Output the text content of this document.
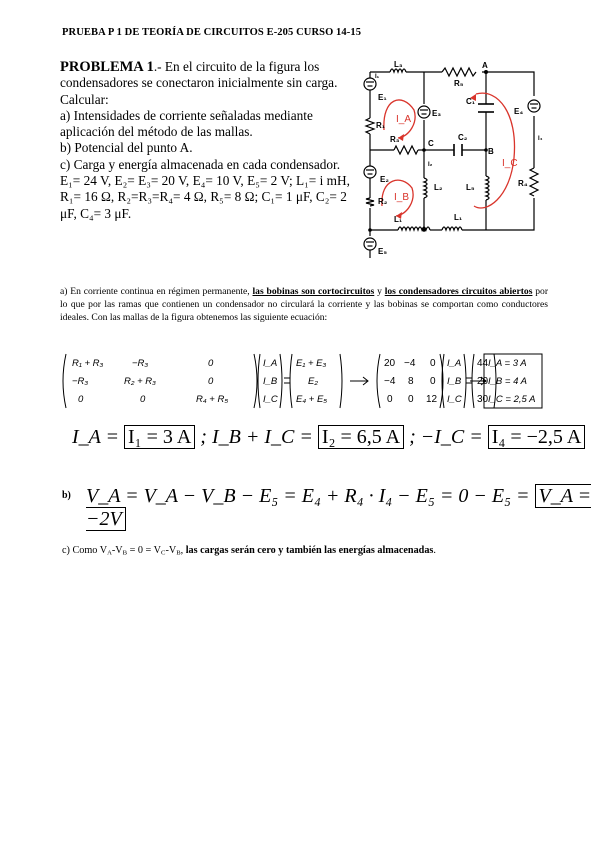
PRUEBA P 1 DE TEORÍA DE CIRCUITOS E-205 CURSO 14-15
PROBLEMA 1.- En el circuito de la figura los condensadores se conectaron inicialmente sin carga. Calcular:
a) Intensidades de corriente señaladas mediante aplicación del método de las mallas.
b) Potencial del punto A.
c) Carga y energía almacenada en cada condensador.
E₁= 24 V, E₂= E₃= 20 V, E₄= 10 V, E₅= 2 V; L₁= i mH,
R₁= 16 Ω, R₂=R₃=R₄= 4 Ω, R₅= 8 Ω; C₁= 1 μF, C₂= 2
μF, C₄= 3 μF.
I₁
L₃
R₅
A
E₁
R₁
E₃
C₁
E₄
R₃	C
C₂
B
I₄
E₂
I₂
L₂	L₅	R₄
R₂
L₁	L₁
E₅
I_A
I_B
I_C
a) En corriente continua en régimen permanente, las bobinas son cortocircuitos y los condensadores circuitos abiertos por lo que por las ramas que contienen un condensador no circulará la corriente y las bobinas se comportan como conductores ideales. Con las mallas de la figura obtenemos las siguiente ecuación:
R₁ + R₃	−R₃	0
−R₃	R₂ + R₃	0
0	0	R₄ + R₅
I_A
I_B
I_C
E₁ + E₃
E₂
E₄ + E₅
I_A
I_B
I_C
I_A = 3 A
I_B = 4 A
I_C = 2,5 A
20 −4 0
−4 8 0
0 0 12
44
20
30
I_A = I₁ = 3 A ; I_B + I_C = I₂ = 6,5 A ; −I_C = I₄ = −2,5 A
b) V_A = V_A − V_B − E₅ = E₄ + R₄ · I₄ − E₅ = 0 − E₅ = V_A = −2V
c) Como $V_A-V_B = 0 = V_C-V_B$, las cargas serán cero y también las energías almacenadas.
